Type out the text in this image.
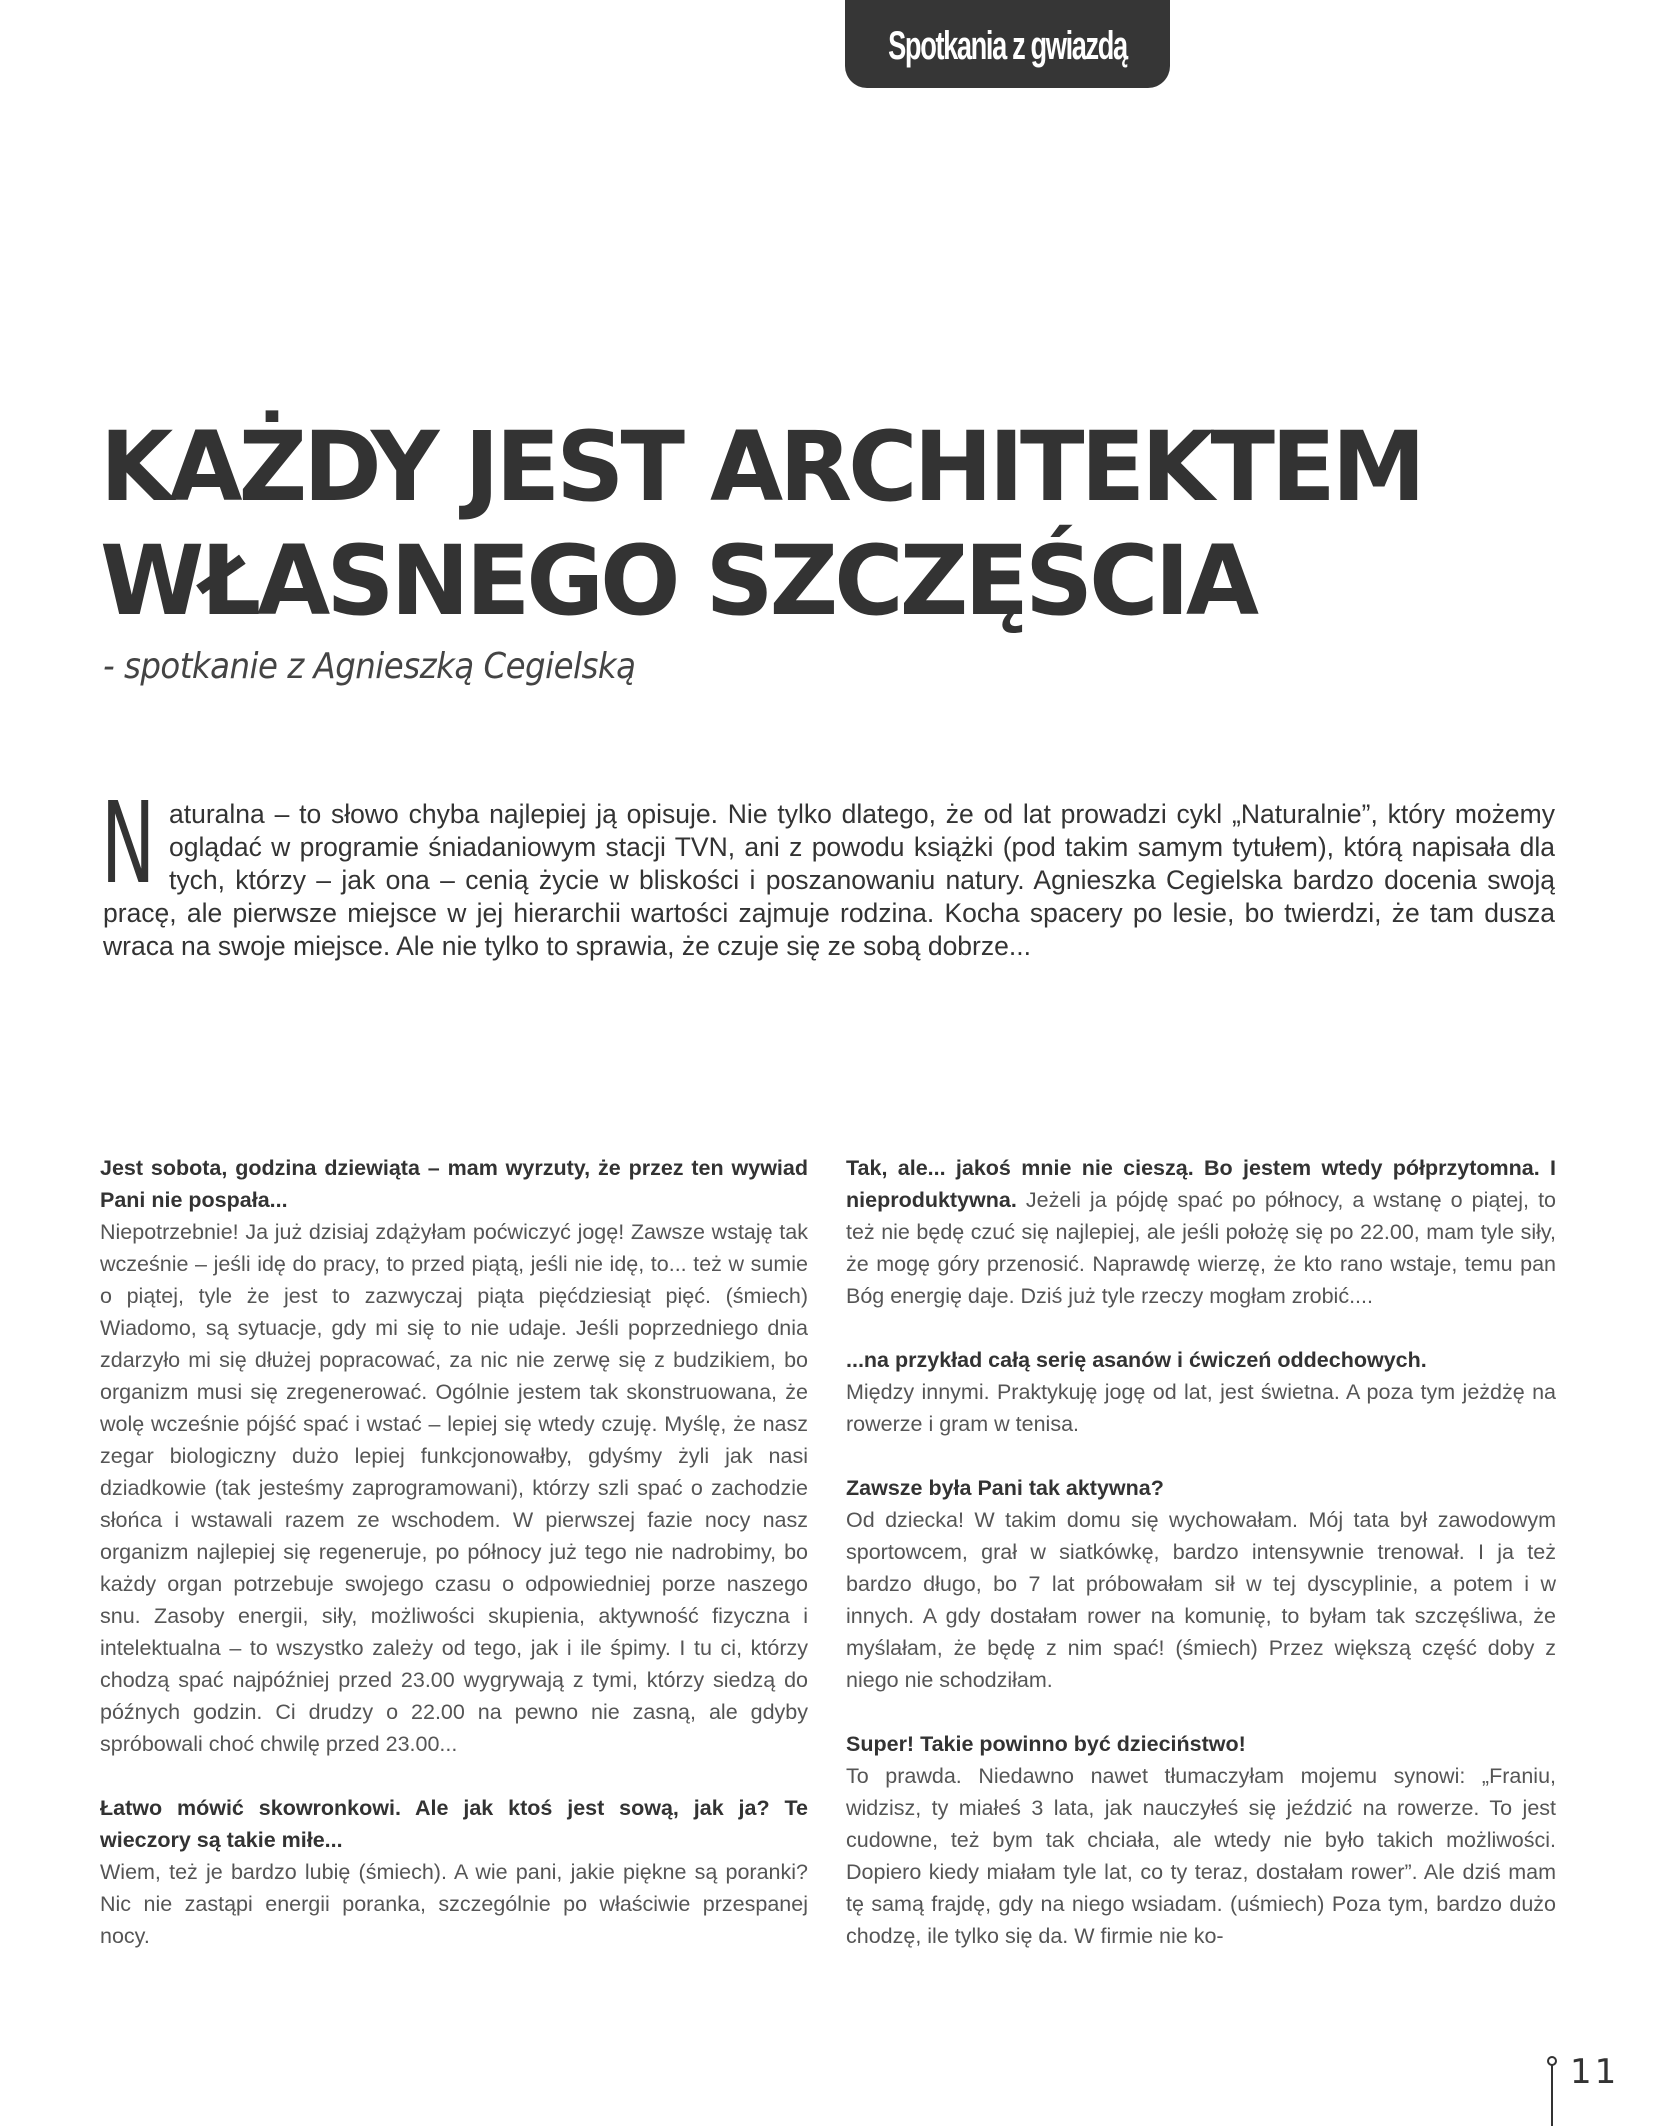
Spotkania z gwiazdą
KAŻDY JEST ARCHITEKTEM
WŁASNEGO SZCZĘŚCIA
- spotkanie z Agnieszką Cegielską

N aturalna – to słowo chyba najlepiej ją opisuje. Nie tylko dlatego, że od lat prowadzi cykl „Naturalnie”, który możemy oglądać w programie śniadaniowym stacji TVN, ani z powodu książki (pod takim samym tytułem), którą napisała dla tych, którzy – jak ona – cenią życie w bliskości i poszanowaniu natury. Agnieszka Cegielska bardzo docenia swoją pracę, ale pierwsze miejsce w jej hierarchii wartości zajmuje rodzina. Kocha spacery po lesie, bo twierdzi, że tam dusza wraca na swoje miejsce. Ale nie tylko to sprawia, że czuje się ze sobą dobrze...

Jest sobota, godzina dziewiąta – mam wyrzuty, że przez ten wywiad Pani nie pospała...
Niepotrzebnie! Ja już dzisiaj zdążyłam poćwiczyć jogę! Zawsze wstaję tak wcześnie – jeśli idę do pracy, to przed piątą, jeśli nie idę, to... też w sumie o piątej, tyle że jest to zazwyczaj piąta pięćdziesiąt pięć. (śmiech) Wiadomo, są sytuacje, gdy mi się to nie udaje. Jeśli poprzedniego dnia zdarzyło mi się dłużej popracować, za nic nie zerwę się z budzikiem, bo organizm musi się zregenerować. Ogólnie jestem tak skonstruowana, że wolę wcześnie pójść spać i wstać – lepiej się wtedy czuję. Myślę, że nasz zegar biologiczny dużo lepiej funkcjonowałby, gdyśmy żyli jak nasi dziadkowie (tak jesteśmy zaprogramowani), którzy szli spać o zachodzie słońca i wstawali razem ze wschodem. W pierwszej fazie nocy nasz organizm najlepiej się regeneruje, po północy już tego nie nadrobimy, bo każdy organ potrzebuje swojego czasu o odpowiedniej porze naszego snu. Zasoby energii, siły, możliwości skupienia, aktywność fizyczna i intelektualna – to wszystko zależy od tego, jak i ile śpimy. I tu ci, którzy chodzą spać najpóźniej przed 23.00 wygrywają z tymi, którzy siedzą do późnych godzin. Ci drudzy o 22.00 na pewno nie zasną, ale gdyby spróbowali choć chwilę przed 23.00...

Łatwo mówić skowronkowi. Ale jak ktoś jest sową, jak ja? Te wieczory są takie miłe...
Wiem, też je bardzo lubię (śmiech). A wie pani, jakie piękne są poranki? Nic nie zastąpi energii poranka, szczególnie po właściwie przespanej nocy.

Tak, ale... jakoś mnie nie cieszą. Bo jestem wtedy półprzytomna. I nieproduktywna. Jeżeli ja pójdę spać po północy, a wstanę o piątej, to też nie będę czuć się najlepiej, ale jeśli położę się po 22.00, mam tyle siły, że mogę góry przenosić. Naprawdę wierzę, że kto rano wstaje, temu pan Bóg energię daje. Dziś już tyle rzeczy mogłam zrobić....

...na przykład całą serię asanów i ćwiczeń oddechowych.
Między innymi. Praktykuję jogę od lat, jest świetna. A poza tym jeżdżę na rowerze i gram w tenisa.

Zawsze była Pani tak aktywna?
Od dziecka! W takim domu się wychowałam. Mój tata był zawodowym sportowcem, grał w siatkówkę, bardzo intensywnie trenował. I ja też bardzo długo, bo 7 lat próbowałam sił w tej dyscyplinie, a potem i w innych. A gdy dostałam rower na komunię, to byłam tak szczęśliwa, że myślałam, że będę z nim spać! (śmiech) Przez większą część doby z niego nie schodziłam.

Super! Takie powinno być dzieciństwo!
To prawda. Niedawno nawet tłumaczyłam mojemu synowi: „Franiu, widzisz, ty miałeś 3 lata, jak nauczyłeś się jeździć na rowerze. To jest cudowne, też bym tak chciała, ale wtedy nie było takich możliwości. Dopiero kiedy miałam tyle lat, co ty teraz, dostałam rower”. Ale dziś mam tę samą frajdę, gdy na niego wsiadam. (uśmiech) Poza tym, bardzo dużo chodzę, ile tylko się da. W firmie nie ko-

11
